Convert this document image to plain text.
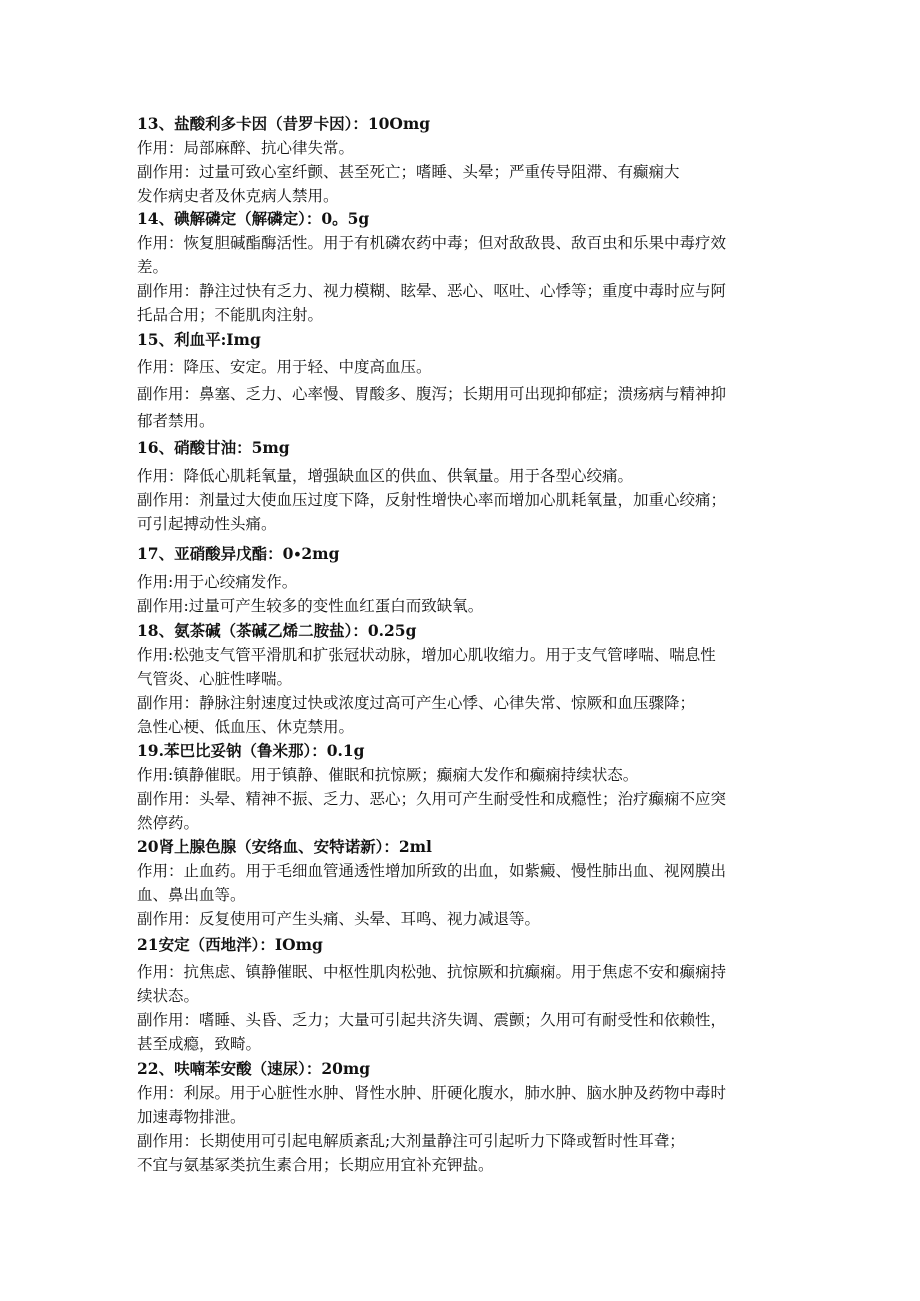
13、盐酸利多卡因（昔罗卡因）：10Omg
作用：局部麻醉、抗心律失常。
副作用：过量可致心室纤颤、甚至死亡；嗜睡、头晕；严重传导阻滞、有癫痫大
发作病史者及休克病人禁用。
14、碘解磷定（解磷定）：0。5g
作用：恢复胆碱酯酶活性。用于有机磷农药中毒；但对敌敌畏、敌百虫和乐果中毒疗效
差。
副作用：静注过快有乏力、视力模糊、眩晕、恶心、呕吐、心悸等；重度中毒时应与阿
托品合用；不能肌肉注射。
15、利血平:Img
作用：降压、安定。用于轻、中度高血压。
副作用：鼻塞、乏力、心率慢、胃酸多、腹泻；长期用可出现抑郁症；溃疡病与精神抑
郁者禁用。
16、硝酸甘油：5mg
作用：降低心肌耗氧量，增强缺血区的供血、供氧量。用于各型心绞痛。
副作用：剂量过大使血压过度下降，反射性增快心率而增加心肌耗氧量，加重心绞痛；
可引起搏动性头痛。
17、亚硝酸异戊酯：0∙2mg
作用:用于心绞痛发作。
副作用:过量可产生较多的变性血红蛋白而致缺氧。
18、氨茶碱（茶碱乙烯二胺盐）：0.25g
作用:松弛支气管平滑肌和扩张冠状动脉，增加心肌收缩力。用于支气管哮喘、喘息性
气管炎、心脏性哮喘。
副作用：静脉注射速度过快或浓度过高可产生心悸、心律失常、惊厥和血压骤降；
急性心梗、低血压、休克禁用。
19.苯巴比妥钠（鲁米那）：0.1g
作用:镇静催眠。用于镇静、催眠和抗惊厥；癫痫大发作和癫痫持续状态。
副作用：头晕、精神不振、乏力、恶心；久用可产生耐受性和成瘾性；治疗癫痫不应突
然停药。
20肾上腺色腺（安络血、安特诺新）：2ml
作用：止血药。用于毛细血管通透性增加所致的出血，如紫癜、慢性肺出血、视网膜出
血、鼻出血等。
副作用：反复使用可产生头痛、头晕、耳鸣、视力减退等。
21安定（西地泮）：IOmg
作用：抗焦虑、镇静催眠、中枢性肌肉松弛、抗惊厥和抗癫痫。用于焦虑不安和癫痫持
续状态。
副作用：嗜睡、头昏、乏力；大量可引起共济失调、震颤；久用可有耐受性和依赖性，
甚至成瘾，致畸。
22、呋喃苯安酸（速尿）：20mg
作用：利尿。用于心脏性水肿、肾性水肿、肝硬化腹水，肺水肿、脑水肿及药物中毒时
加速毒物排泄。
副作用：长期使用可引起电解质紊乱;大剂量静注可引起听力下降或暂时性耳聋；
不宜与氨基冢类抗生素合用；长期应用宜补充钾盐。
